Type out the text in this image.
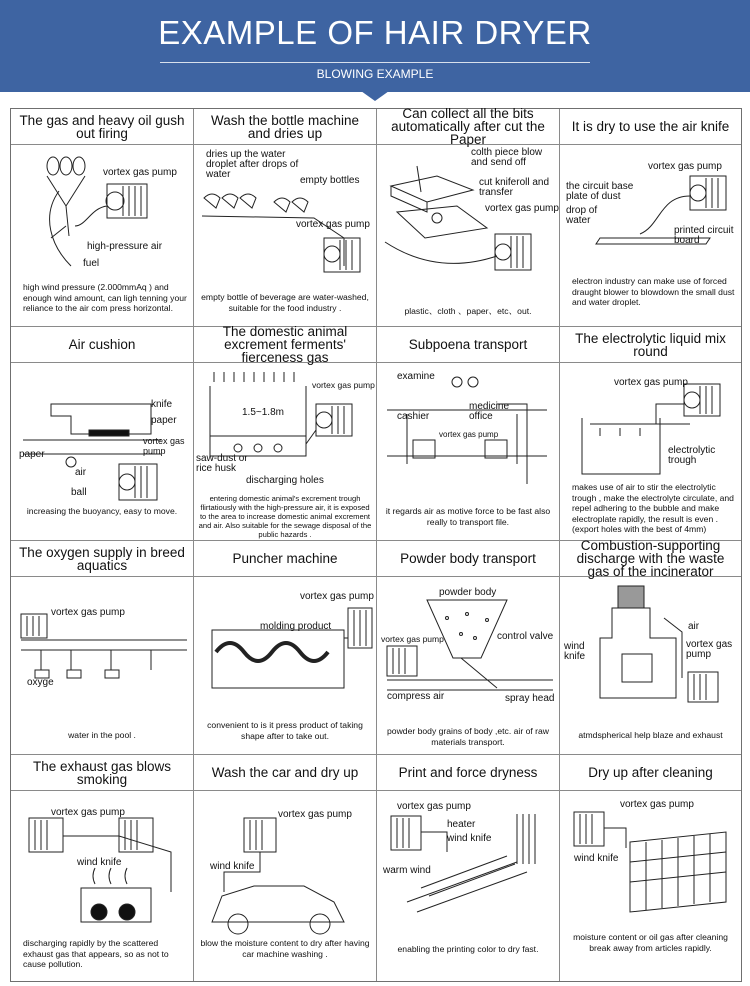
EXAMPLE OF HAIR DRYER
BLOWING EXAMPLE
The gas and heavy oil gush out firing
vortex gas pump
high-pressure air
fuel
high wind pressure (2.000mmAq ) and enough wind amount, can ligh tenning your reliance to the air com press horizontal.
Wash the bottle machine and dries up
dries up the water droplet after drops of water
empty bottles
vortex gas pump
empty bottle of beverage are water-washed, suitable for the food industry .
Can collect all the bits automatically after cut the Paper
colth piece blow and send off
cut kniferoll and transfer
vortex gas pump
plastic、cloth 、paper、etc、out.
It is dry to use the air knife
vortex gas pump
the circuit base plate of dust
drop of water
printed circuit board
electron industry can make use of forced draught blower to blowdown the small dust and water droplet.
Air cushion
knife
paper
vortex gas pump
paper
air
ball
increasing the buoyancy, easy to move.
The domestic animal excrement ferments' fierceness gas
vortex gas pump
1.5~1.8m
saw-dust or rice husk
discharging holes
entering domestic animal's excrement trough flirtatiously with the high-pressure air, it is exposed to the area to increase domestic animal excrement and air. Also suitable for the sewage disposal of the public hazards .
Subpoena transport
examine
medicine office
cashier
vortex gas pump
it regards air as motive force to be fast also really to transport file.
The electrolytic liquid mix round
vortex gas pump
electrolytic trough
makes use of air to stir the electrolytic trough , make the electrolyte circulate, and repel adhering to the bubble and make electroplate rapidly, the result is even . (export holes with the best of 4mm)
The oxygen supply in breed aquatics
vortex gas pump
oxyge
water in the pool .
Puncher machine
vortex gas pump
molding product
convenient to is it press product of taking shape after to take out.
Powder body transport
powder body
vortex gas pump	control valve
compress air	spray head
powder body grains of body ,etc. air of raw materials transport.
Combustion-supporting discharge with the waste gas of the incinerator
air
wind knife
vortex gas pump
atmdspherical help blaze and exhaust
The exhaust gas blows smoking
vortex gas pump
wind knife
discharging rapidly by the scattered exhaust gas that appears, so as not to cause pollution.
Wash the car and dry up
vortex gas pump
wind knife
blow the moisture content to dry after having car machine washing .
Print and force dryness
vortex gas pump
heater
wind knife
warm wind
enabling the printing color to dry fast.
Dry up after cleaning
vortex gas pump
wind knife
moisture content or oil gas after cleaning break away from articles rapidly.
